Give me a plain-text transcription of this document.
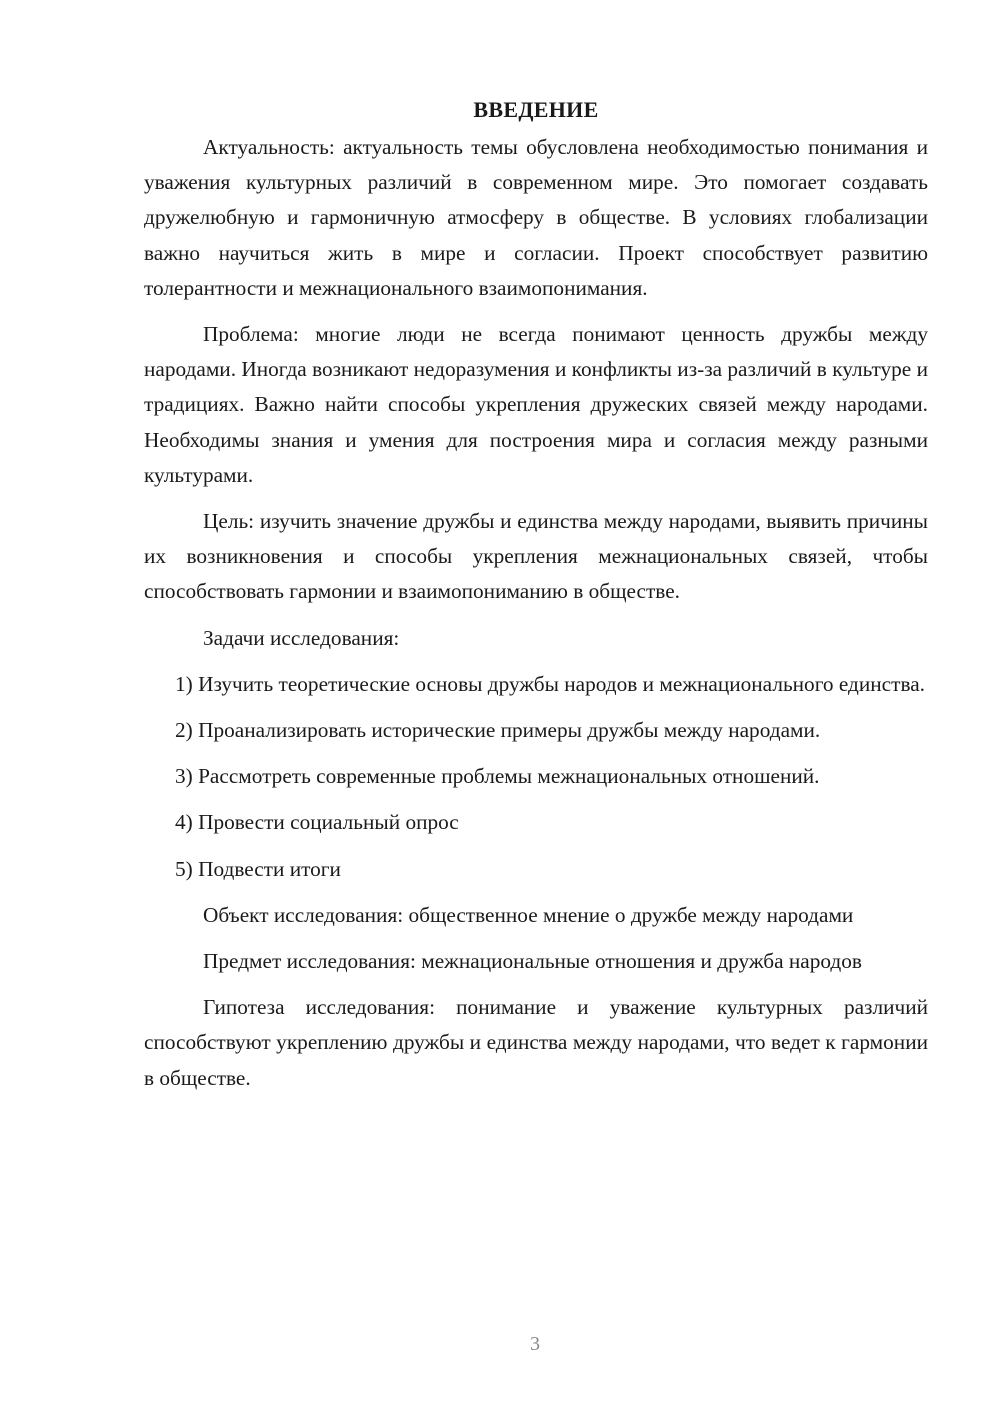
ВВЕДЕНИЕ

Актуальность: актуальность темы обусловлена необходимостью понимания и уважения культурных различий в современном мире. Это помогает создавать дружелюбную и гармоничную атмосферу в обществе. В условиях глобализации важно научиться жить в мире и согласии. Проект способствует развитию толерантности и межнационального взаимопонимания.

Проблема: многие люди не всегда понимают ценность дружбы между народами. Иногда возникают недоразумения и конфликты из-за различий в культуре и традициях. Важно найти способы укрепления дружеских связей между народами. Необходимы знания и умения для построения мира и согласия между разными культурами.

Цель: изучить значение дружбы и единства между народами, выявить причины их возникновения и способы укрепления межнациональных связей, чтобы способствовать гармонии и взаимопониманию в обществе.

Задачи исследования:

1) Изучить теоретические основы дружбы народов и межнационального единства.

2) Проанализировать исторические примеры дружбы между народами.

3) Рассмотреть современные проблемы межнациональных отношений.

4) Провести социальный опрос

5) Подвести итоги

Объект исследования: общественное мнение о дружбе между народами

Предмет исследования: межнациональные отношения и дружба народов

Гипотеза исследования: понимание и уважение культурных различий способствуют укреплению дружбы и единства между народами, что ведет к гармонии в обществе.

3
